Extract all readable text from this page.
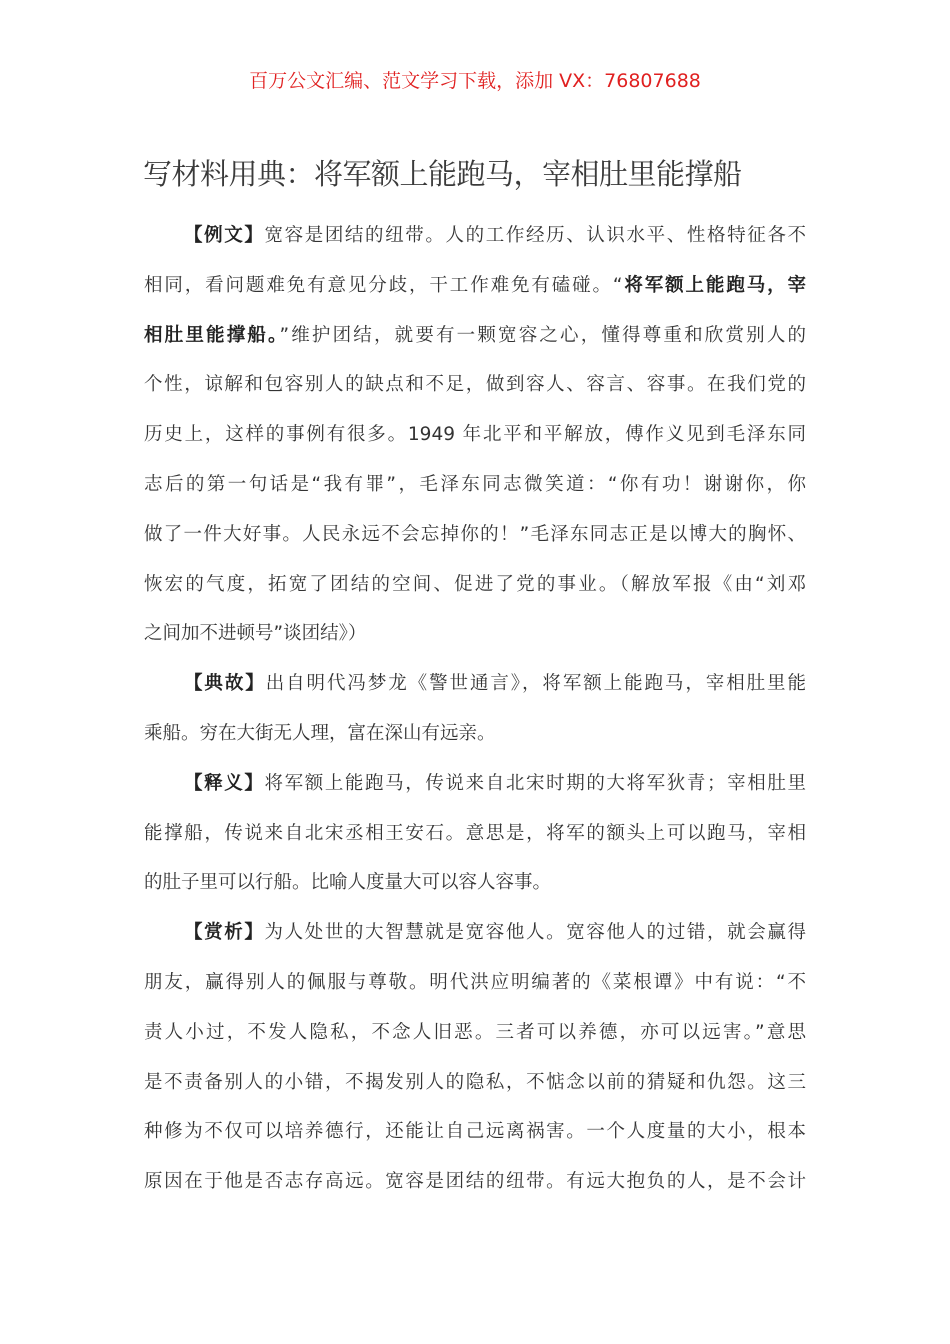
百万公文汇编、范文学习下载，添加 VX：76807688
写材料用典：将军额上能跑马，宰相肚里能撑船
【例文】宽容是团结的纽带。人的工作经历、认识水平、性格特征各不
相同，看问题难免有意见分歧，干工作难免有磕碰。“将军额上能跑马，宰
相肚里能撑船。”维护团结，就要有一颗宽容之心，懂得尊重和欣赏别人的
个性，谅解和包容别人的缺点和不足，做到容人、容言、容事。在我们党的
历史上，这样的事例有很多。1949 年北平和平解放，傅作义见到毛泽东同
志后的第一句话是“我有罪”，毛泽东同志微笑道：“你有功！谢谢你，你
做了一件大好事。人民永远不会忘掉你的！”毛泽东同志正是以博大的胸怀、
恢宏的气度，拓宽了团结的空间、促进了党的事业。（解放军报《由“刘邓
之间加不进顿号”谈团结》）
【典故】出自明代冯梦龙《警世通言》，将军额上能跑马，宰相肚里能
乘船。穷在大街无人理，富在深山有远亲。
【释义】将军额上能跑马，传说来自北宋时期的大将军狄青；宰相肚里
能撑船，传说来自北宋丞相王安石。意思是，将军的额头上可以跑马，宰相
的肚子里可以行船。比喻人度量大可以容人容事。
【赏析】为人处世的大智慧就是宽容他人。宽容他人的过错，就会赢得
朋友，赢得别人的佩服与尊敬。明代洪应明编著的《菜根谭》中有说：“不
责人小过，不发人隐私，不念人旧恶。三者可以养德，亦可以远害。”意思
是不责备别人的小错，不揭发别人的隐私，不惦念以前的猜疑和仇怨。这三
种修为不仅可以培养德行，还能让自己远离祸害。一个人度量的大小，根本
原因在于他是否志存高远。宽容是团结的纽带。有远大抱负的人，是不会计
